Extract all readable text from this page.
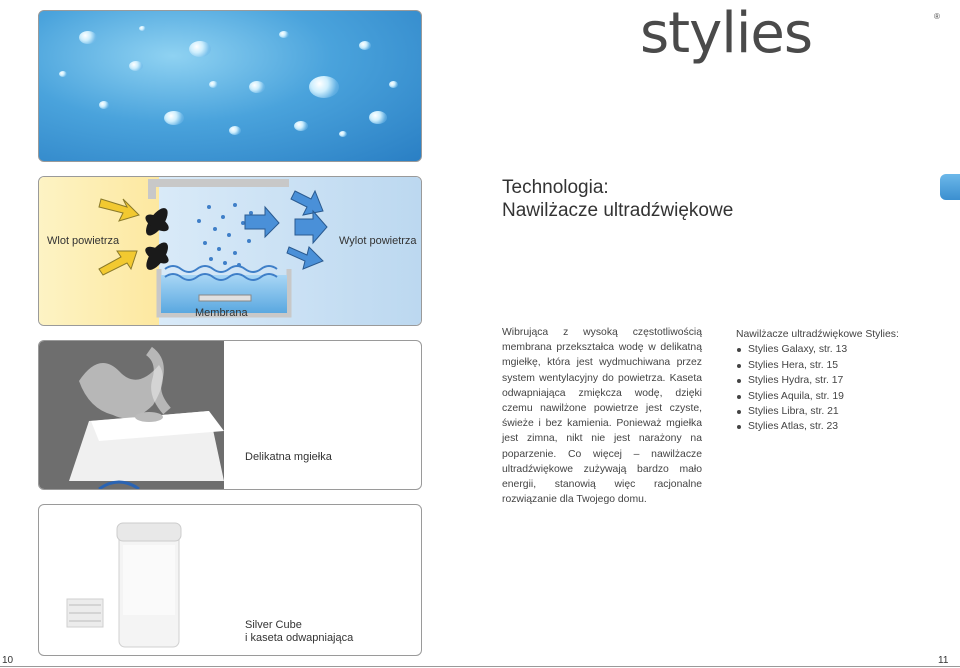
stylies	®
Wlot powietrza	Wylot powietrza
Membrana
Delikatna mgiełka
Silver Cube
i kaseta odwapniająca
Technologia:
Nawilżacze ultradźwiękowe
Wibrująca z wysoką częstotliwością membrana przekształca wodę w delikatną mgiełkę, która jest wydmuchiwana przez system wentylacyjny do powietrza. Kaseta odwapniająca zmiękcza wodę, dzięki czemu nawilżone powietrze jest czyste, świeże i bez kamienia. Ponieważ mgiełka jest zimna, nikt nie jest narażony na poparzenie. Co więcej – nawilżacze ultradźwiękowe zużywają bardzo mało energii, stanowią więc racjonalne rozwiązanie dla Twojego domu.
Nawilżacze ultradźwiękowe Stylies:
Stylies Galaxy, str. 13
Stylies Hera, str. 15
Stylies Hydra, str. 17
Stylies Aquila, str. 19
Stylies Libra, str. 21
Stylies Atlas, str. 23
10	11
